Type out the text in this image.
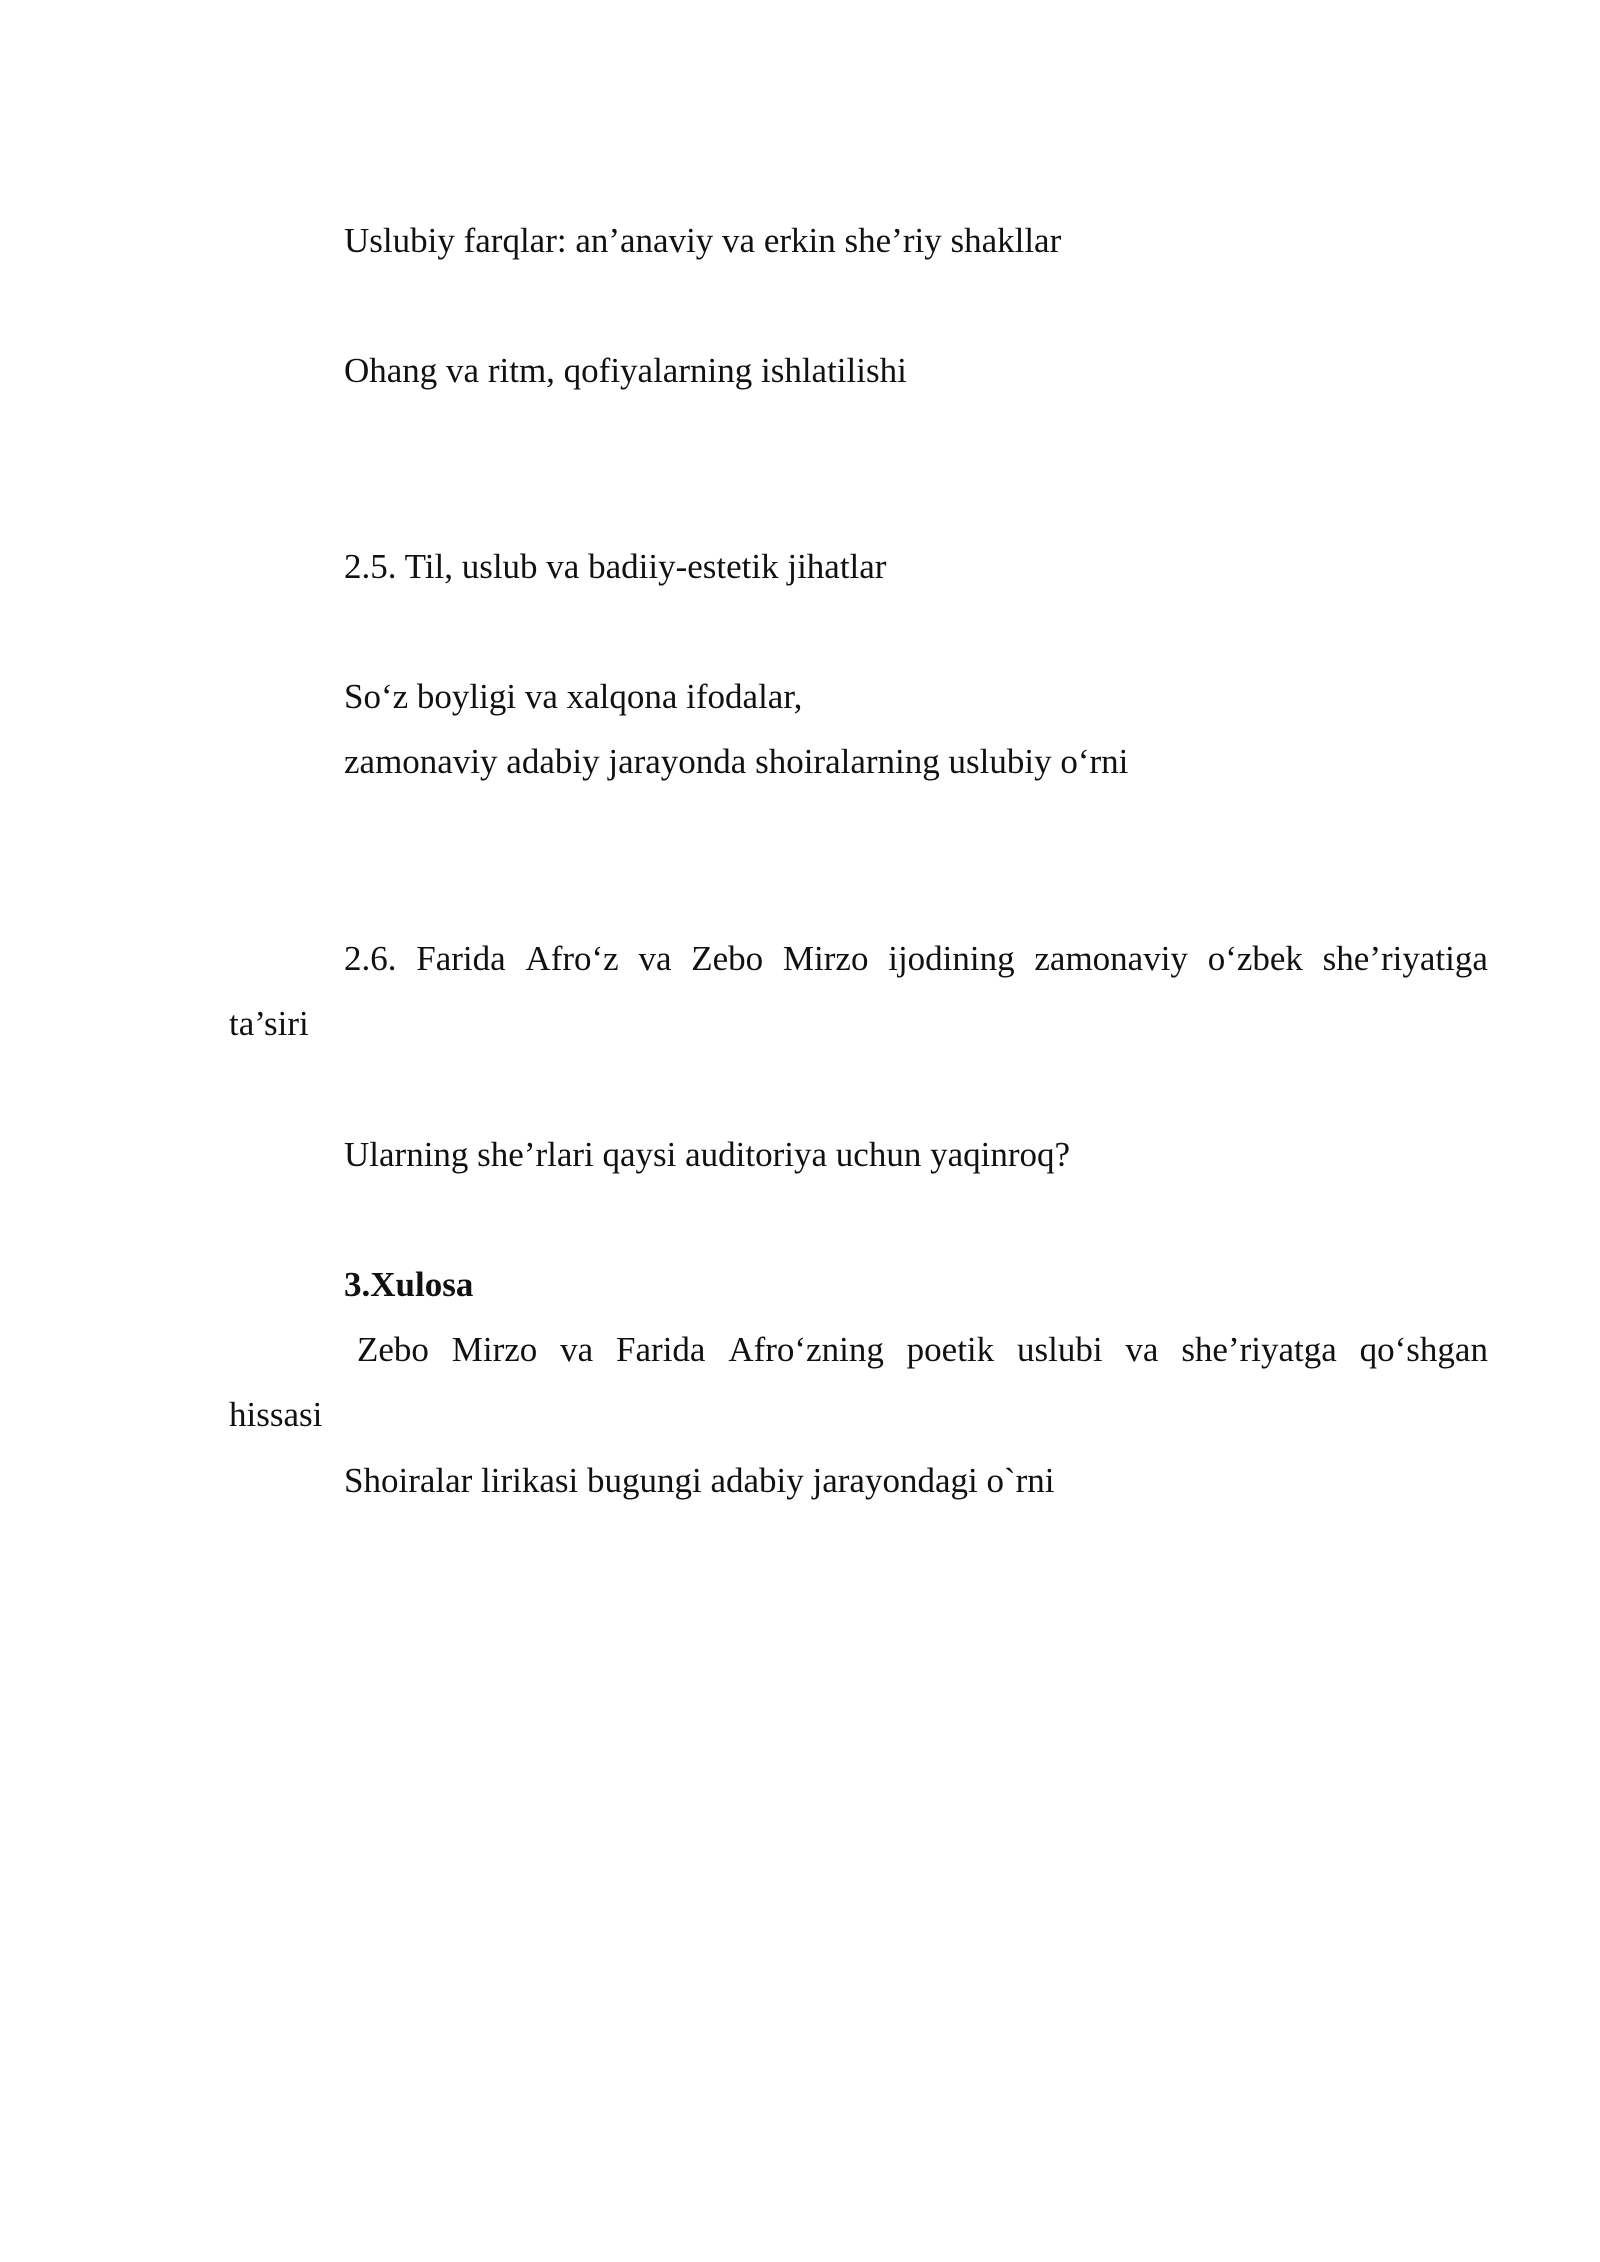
Uslubiy farqlar: an’anaviy va erkin she’riy shakllar
Ohang va ritm, qofiyalarning ishlatilishi
2.5. Til, uslub va badiiy-estetik jihatlar
So‘z boyligi va xalqona ifodalar,
zamonaviy adabiy jarayonda shoiralarning uslubiy o‘rni
2.6. Farida Afro‘z va Zebo Mirzo ijodining zamonaviy o‘zbek she’riyatiga
ta’siri
Ularning she’rlari qaysi auditoriya uchun yaqinroq?
3.Xulosa
Zebo Mirzo va Farida Afro‘zning poetik uslubi va she’riyatga qo‘shgan
hissasi
Shoiralar lirikasi bugungi adabiy jarayondagi o`rni
